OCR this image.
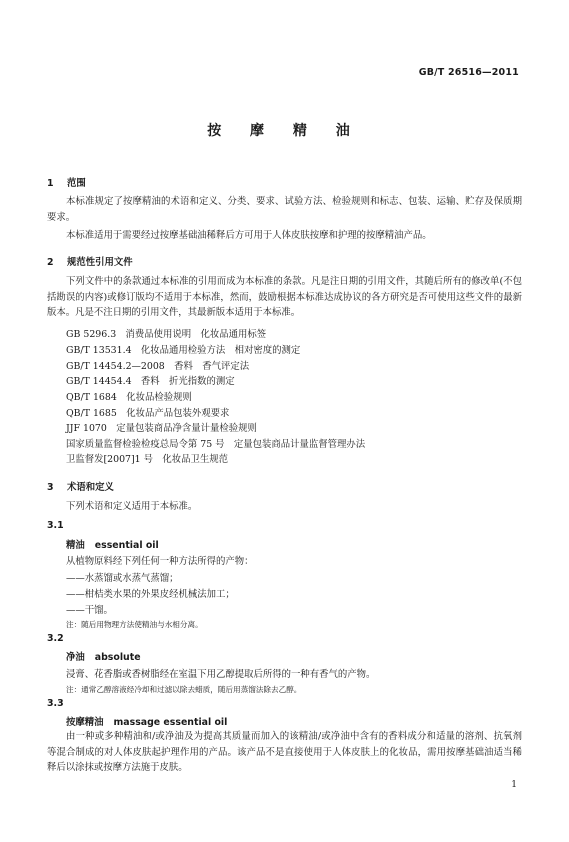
GB/T 26516—2011
按 摩 精 油
1 范围

本标准规定了按摩精油的术语和定义、分类、要求、试验方法、检验规则和标志、包装、运输、贮存及保质期要求。

本标准适用于需要经过按摩基础油稀释后方可用于人体皮肤按摩和护理的按摩精油产品。

2 规范性引用文件

下列文件中的条款通过本标准的引用而成为本标准的条款。凡是注日期的引用文件，其随后所有的修改单(不包括勘误的内容)或修订版均不适用于本标准，然而，鼓励根据本标准达成协议的各方研究是否可使用这些文件的最新版本。凡是不注日期的引用文件，其最新版本适用于本标准。

GB 5296.3　消费品使用说明　化妆品通用标签
GB/T 13531.4　化妆品通用检验方法　相对密度的测定
GB/T 14454.2—2008　香料　香气评定法
GB/T 14454.4　香料　折光指数的测定
QB/T 1684　化妆品检验规则
QB/T 1685　化妆品产品包装外观要求
JJF 1070　定量包装商品净含量计量检验规则
国家质量监督检验检疫总局令第 75 号　定量包装商品计量监督管理办法
卫监督发[2007]1 号　化妆品卫生规范
3 术语和定义
下列术语和定义适用于本标准。
3.1
精油 essential oil
从植物原料经下列任何一种方法所得的产物：
——水蒸馏或水蒸气蒸馏；
——柑桔类水果的外果皮经机械法加工；
——干馏。
注：随后用物理方法使精油与水相分离。
3.2
净油 absolute
浸膏、花香脂或香树脂经在室温下用乙醇提取后所得的一种有香气的产物。
注：通常乙醇溶液经冷却和过滤以除去蜡质，随后用蒸馏法除去乙醇。
3.3
按摩精油 massage essential oil

由一种或多种精油和/或净油及为提高其质量而加入的该精油/或净油中含有的香料成分和适量的溶剂、抗氧剂等混合制成的对人体皮肤起护理作用的产品。该产品不是直接使用于人体皮肤上的化妆品，需用按摩基础油适当稀释后以涂抹或按摩方法施于皮肤。

1
